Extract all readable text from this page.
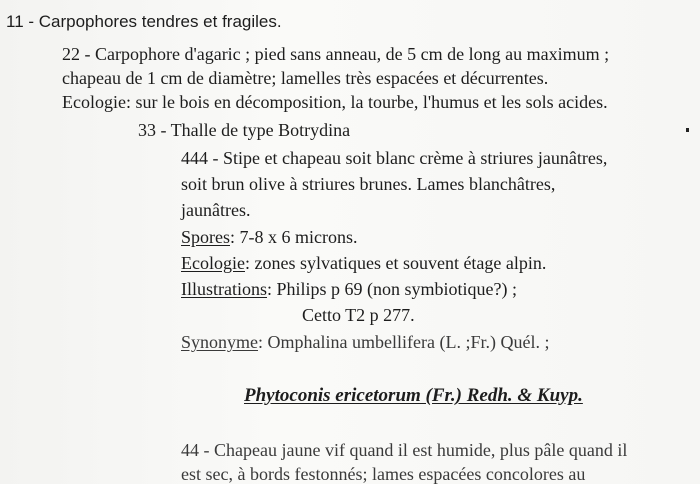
11 - Carpophores tendres et fragiles.
22 - Carpophore d'agaric ; pied sans anneau, de 5 cm de long au maximum ;
chapeau de 1 cm de diamètre; lamelles très espacées et décurrentes.
Ecologie: sur le bois en décomposition, la tourbe, l'humus et les sols acides.
33 - Thalle de type Botrydina
444 - Stipe et chapeau soit blanc crème à striures jaunâtres,
soit brun olive à striures brunes. Lames blanchâtres,
jaunâtres.
Spores: 7-8 x 6 microns.
Ecologie: zones sylvatiques et souvent étage alpin.
Illustrations: Philips p 69 (non symbiotique?) ;
Cetto T2 p 277.
Synonyme: Omphalina umbellifera (L. ;Fr.) Quél. ;
Phytoconis ericetorum (Fr.) Redh. & Kuyp.
44 - Chapeau jaune vif quand il est humide, plus pâle quand il
est sec, à bords festonnés; lames espacées concolores au
